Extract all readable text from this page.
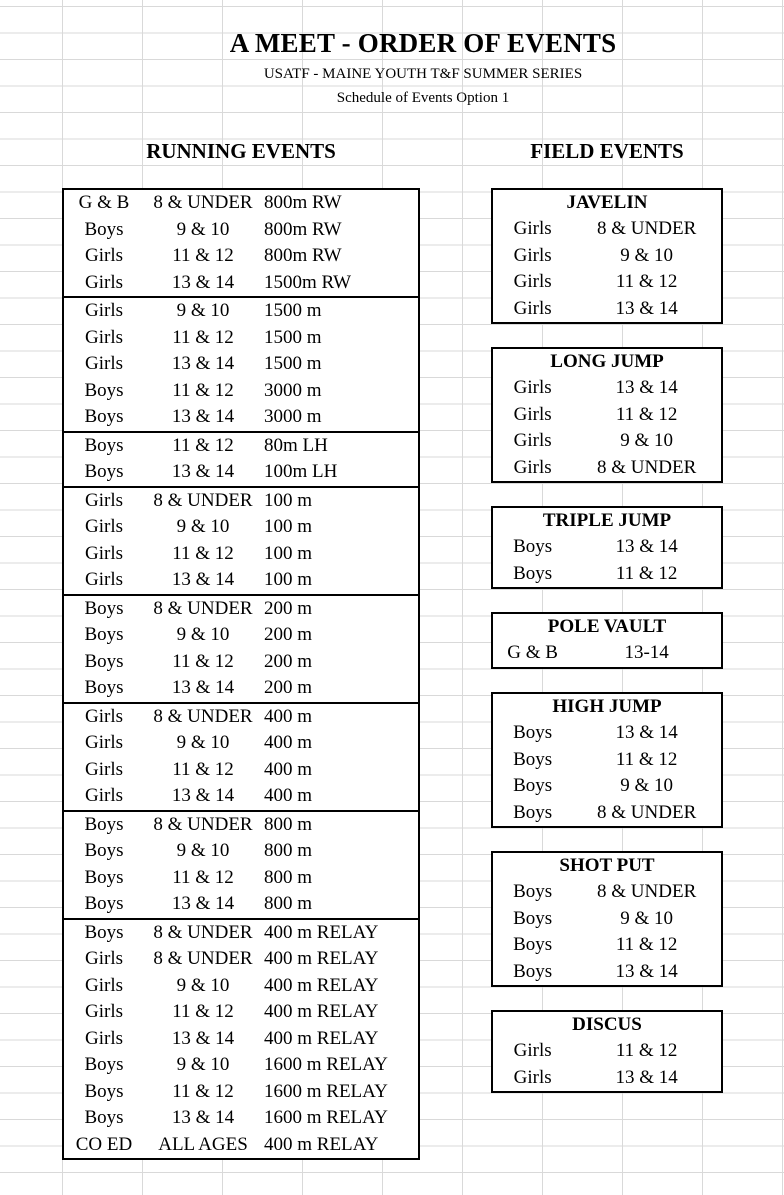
A MEET - ORDER OF EVENTS
USATF - MAINE YOUTH T&F SUMMER SERIES
Schedule of Events Option 1
RUNNING EVENTS	FIELD EVENTS
G & B	8 & UNDER 800m RW
Boys	9 & 10	800m RW
Girls	11 & 12	800m RW
Girls	13 & 14	1500m RW
Girls	9 & 10	1500 m
Girls	11 & 12	1500 m
Girls	13 & 14	1500 m
Boys	11 & 12	3000 m
Boys	13 & 14	3000 m
Boys	11 & 12	80m LH
Boys	13 & 14	100m LH
Girls	8 & UNDER 100 m
Girls	9 & 10	100 m
Girls	11 & 12	100 m
Girls	13 & 14	100 m
Boys	8 & UNDER 200 m
Boys	9 & 10	200 m
Boys	11 & 12	200 m
Boys	13 & 14	200 m
Girls	8 & UNDER 400 m
Girls	9 & 10	400 m
Girls	11 & 12	400 m
Girls	13 & 14	400 m
Boys	8 & UNDER 800 m
Boys	9 & 10	800 m
Boys	11 & 12	800 m
Boys	13 & 14	800 m
Boys	8 & UNDER 400 m RELAY
Girls	8 & UNDER 400 m RELAY
Girls	9 & 10	400 m RELAY
Girls	11 & 12	400 m RELAY
Girls	13 & 14	400 m RELAY
Boys	9 & 10	1600 m RELAY
Boys	11 & 12	1600 m RELAY
Boys	13 & 14	1600 m RELAY
CO ED	ALL AGES 400 m RELAY
JAVELIN
Girls	8 & UNDER
Girls	9 & 10
Girls	11 & 12
Girls	13 & 14
LONG JUMP
Girls	13 & 14
Girls	11 & 12
Girls	9 & 10
Girls	8 & UNDER
TRIPLE JUMP
Boys	13 & 14
Boys	11 & 12
POLE VAULT
G & B	13-14
HIGH JUMP
Boys	13 & 14
Boys	11 & 12
Boys	9 & 10
Boys	8 & UNDER
SHOT PUT
Boys	8 & UNDER
Boys	9 & 10
Boys	11 & 12
Boys	13 & 14
DISCUS
Girls	11 & 12
Girls	13 & 14
